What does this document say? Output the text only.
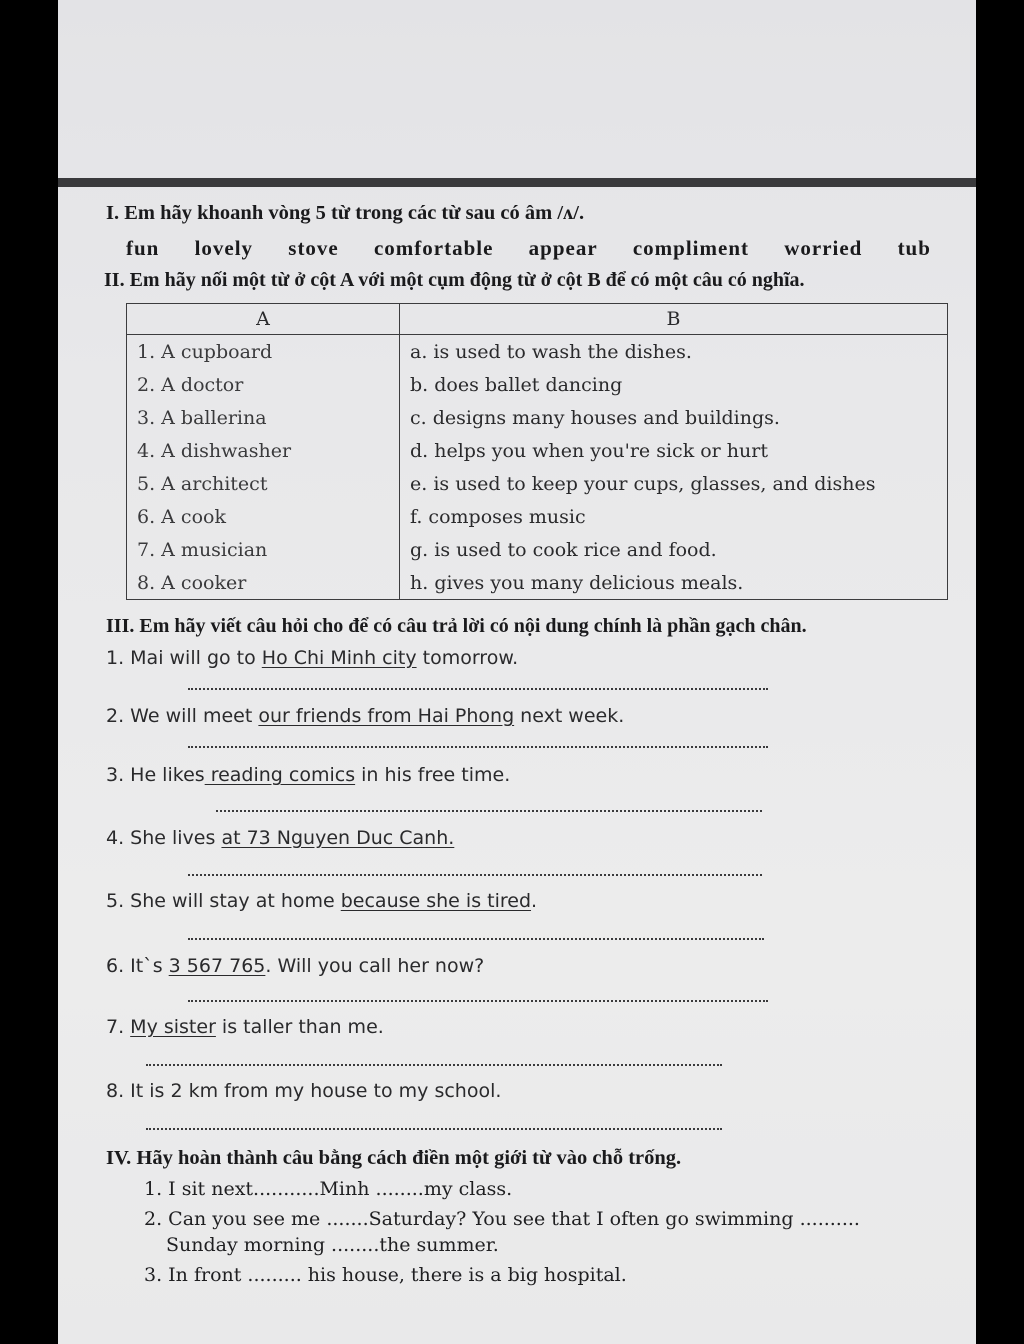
I. Em hãy khoanh vòng 5 từ trong các từ sau có âm /ʌ/.
fun lovely stove comfortable appear compliment worried tub
II. Em hãy nối một từ ở cột A với một cụm động từ ở cột B để có một câu có nghĩa.
A	B
1. A cupboard	a. is used to wash the dishes.
2. A doctor	b. does ballet dancing
3. A ballerina	c. designs many houses and buildings.
4. A dishwasher	d. helps you when you're sick or hurt
5. A architect	e. is used to keep your cups, glasses, and dishes
6. A cook	f. composes music
7. A musician	g. is used to cook rice and food.
8. A cooker	h. gives you many delicious meals.
III. Em hãy viết câu hỏi cho để có câu trả lời có nội dung chính là phần gạch chân.
1. Mai will go to Ho Chi Minh city tomorrow.
2. We will meet our friends from Hai Phong next week.
3. He likes reading comics in his free time.
4. She lives at 73 Nguyen Duc Canh.
5. She will stay at home because she is tired.
6. It`s 3 567 765. Will you call her now?
7. My sister is taller than me.
8. It is 2 km from my house to my school.
IV. Hãy hoàn thành câu bằng cách điền một giới từ vào chỗ trống.
1. I sit next...........Minh ........my class.
2. Can you see me .......Saturday? You see that I often go swimming ..........
Sunday morning ........the summer.
3. In front ......... his house, there is a big hospital.
